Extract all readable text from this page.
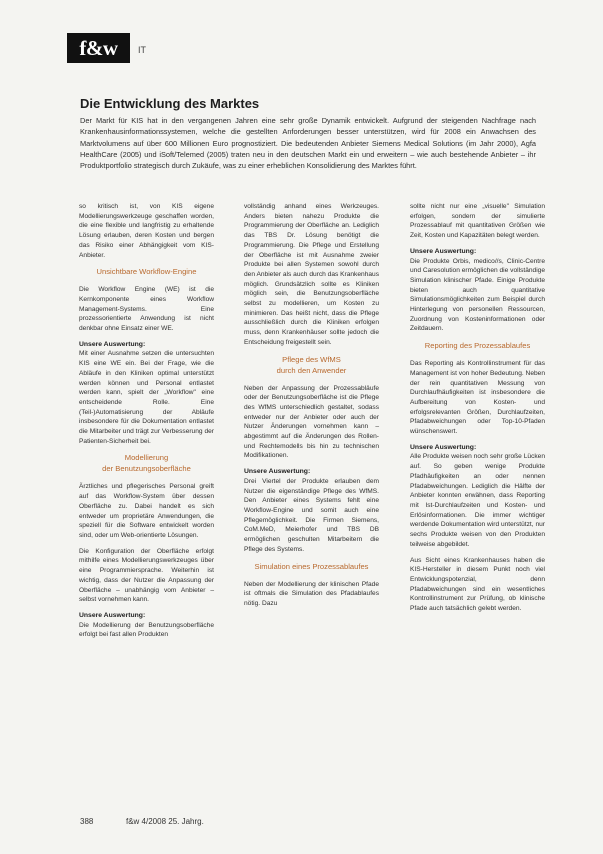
f&w	IT
Die Entwicklung des Marktes
Der Markt für KIS hat in den vergangenen Jahren eine sehr große Dynamik entwickelt. Aufgrund der steigenden Nachfrage nach Krankenhausinformationssystemen, welche die gestellten Anforderungen besser unterstützen, wird für 2008 ein Anwachsen des Marktvolumens auf über 600 Millionen Euro prognostiziert. Die bedeutenden Anbieter Siemens Medical Solutions (im Jahr 2000), Agfa HealthCare (2005) und iSoft/Telemed (2005) traten neu in den deutschen Markt ein und erweitern – wie auch bestehende Anbieter – ihr Produktportfolio strategisch durch Zukäufe, was zu einer erheblichen Konsolidierung des Marktes führt.

so kritisch ist, von KIS eigene Modellierungswerkzeuge geschaffen worden, die eine flexible und langfristig zu erhaltende Lösung erlauben, deren Kosten und bergen das Risiko einer Abhängigkeit vom KIS-Anbieter.

Unsichtbare Workflow-Engine

Die Workflow Engine (WE) ist die Kernkomponente eines Workflow Management-Systems. Eine prozessorientierte Anwendung ist nicht denkbar ohne Einsatz einer WE.

Unsere Auswertung:

Mit einer Ausnahme setzen die untersuchten KIS eine WE ein. Bei der Frage, wie die Abläufe in den Kliniken optimal unterstützt werden können und Personal entlastet werden kann, spielt der „Workflow" eine entscheidende Rolle. Eine (Teil-)Automatisierung der Abläufe insbesondere für die Dokumentation entlastet die Mitarbeiter und trägt zur Verbesserung der Patienten-Sicherheit bei.

Modellierung
der Benutzungsoberfläche

Ärztliches und pflegerisches Personal greift auf das Workflow-System über dessen Oberfläche zu. Dabei handelt es sich entweder um proprietäre Anwendungen, die speziell für die Software entwickelt worden sind, oder um Web-orientierte Lösungen.

Die Konfiguration der Oberfläche erfolgt mithilfe eines Modellierungswerkzeuges über eine Programmiersprache. Weiterhin ist wichtig, dass der Nutzer die Anpassung der Oberfläche – unabhängig vom Anbieter – selbst vornehmen kann.

Unsere Auswertung:

Die Modellierung der Benutzungsoberfläche erfolgt bei fast allen Produkten

vollständig anhand eines Werkzeuges. Anders bieten nahezu Produkte die Programmierung der Oberfläche an. Lediglich das TBS Dr. Lösung benötigt die Programmierung. Die Pflege und Erstellung der Oberfläche ist mit Ausnahme zweier Produkte bei allen Systemen sowohl durch den Anbieter als auch durch das Krankenhaus möglich. Grundsätzlich sollte es Kliniken möglich sein, die Benutzungsoberfläche selbst zu modellieren, um Kosten zu minimieren. Das heißt nicht, dass die Pflege ausschließlich durch die Kliniken erfolgen muss, denn Krankenhäuser sollte jedoch die Entscheidung freigestellt sein.

Pflege des WfMS
durch den Anwender

Neben der Anpassung der Prozessabläufe oder der Benutzungsoberfläche ist die Pflege des WfMS unterschiedlich gestaltet, sodass entweder nur der Anbieter oder auch der Nutzer Änderungen vornehmen kann – abgestimmt auf die Änderungen des Rollen- und Rechtemodells bis hin zu technischen Modifikationen.

Unsere Auswertung:

Drei Viertel der Produkte erlauben dem Nutzer die eigenständige Pflege des WfMS. Den Anbieter eines Systems fehlt eine Workflow-Engine und somit auch eine Pflegemöglichkeit. Die Firmen Siemens, CoM.MeD, Meierhofer und TBS DB ermöglichen geschulten Mitarbeitern die Pflege des Systems.

Simulation eines Prozessablaufes

Neben der Modellierung der klinischen Pfade ist oftmals die Simulation des Pfadablaufes nötig. Dazu

sollte nicht nur eine „visuelle" Simulation erfolgen, sondern der simulierte Prozessablauf mit quantitativen Größen wie Zeit, Kosten und Kapazitäten belegt werden.

Unsere Auswertung:

Die Produkte Orbis, medico//s, Clinic-Centre und Caresolution ermöglichen die vollständige Simulation klinischer Pfade. Einige Produkte bieten auch quantitative Simulationsmöglichkeiten zum Beispiel durch Hinterlegung von personellen Ressourcen, Zuordnung von Kosteninformationen oder Zeitdauern.

Reporting des Prozessablaufes

Das Reporting als Kontrollinstrument für das Management ist von hoher Bedeutung. Neben der rein quantitativen Messung von Durchlaufhäufigkeiten ist insbesondere die Aufbereitung von Kosten- und erfolgsrelevanten Größen, Durchlaufzeiten, Pfadabweichungen oder Top-10-Pfaden wünschenswert.

Unsere Auswertung:

Alle Produkte weisen noch sehr große Lücken auf. So geben wenige Produkte Pfadhäufigkeiten an oder nennen Pfadabweichungen. Lediglich die Hälfte der Anbieter konnten erwähnen, dass Reporting mit Ist-Durchlaufzeiten und Kosten- und Erlösinformationen. Die immer wichtiger werdende Dokumentation wird unterstützt, nur sechs Produkte weisen von den Produkten teilweise abgebildet.

Aus Sicht eines Krankenhauses haben die KIS-Hersteller in diesem Punkt noch viel Entwicklungspotenzial, denn Pfadabweichungen sind ein wesentliches Kontrollinstrument zur Prüfung, ob klinische Pfade auch tatsächlich gelebt werden.

388	f&w 4/2008 25. Jahrg.
